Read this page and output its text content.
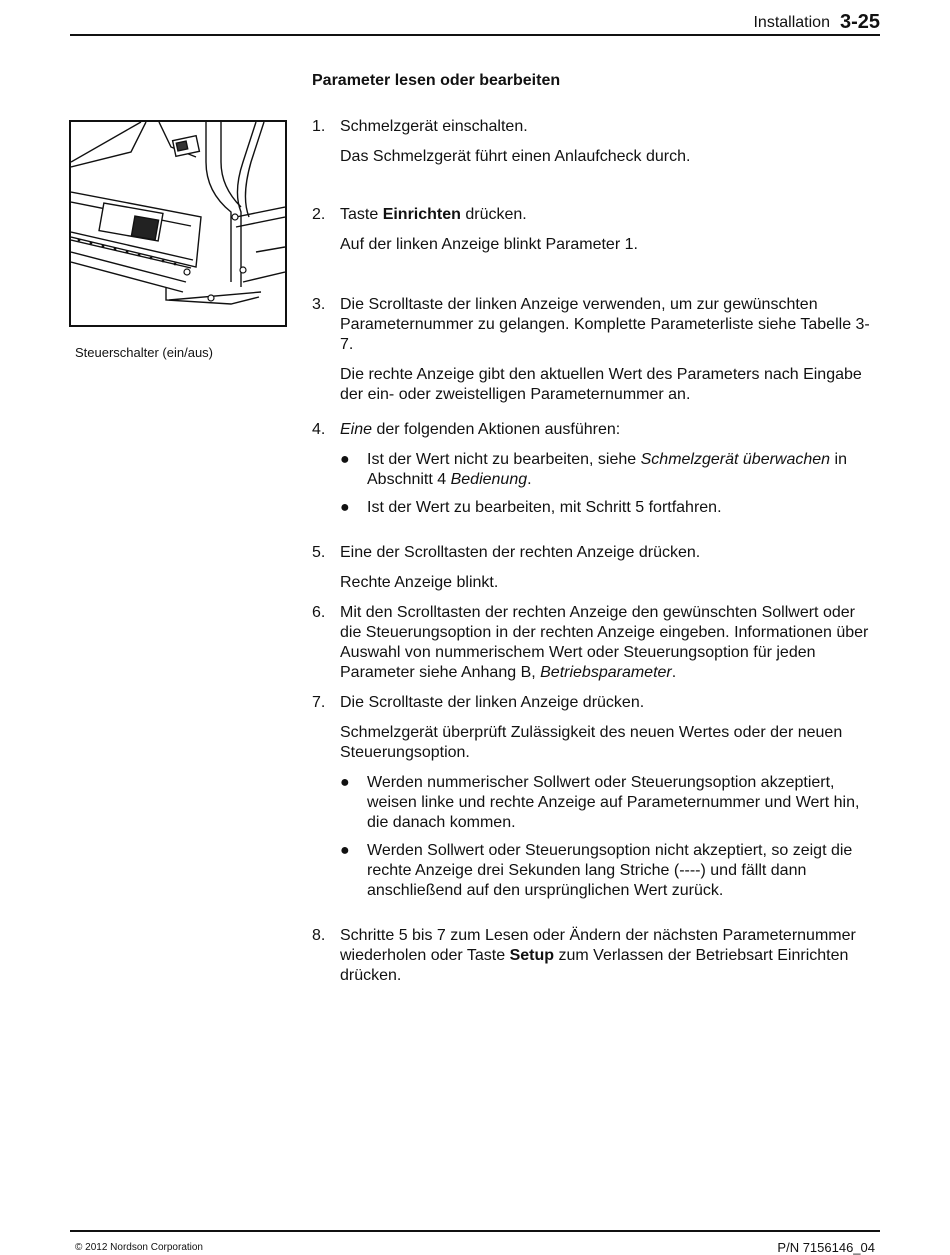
Installation 3-25
Parameter lesen oder bearbeiten
Steuerschalter (ein/aus)
1. Schmelzgerät einschalten.

Das Schmelzgerät führt einen Anlaufcheck durch.

2. Taste Einrichten drücken.

Auf der linken Anzeige blinkt Parameter 1.

3. Die Scrolltaste der linken Anzeige verwenden, um zur gewünschten Parameternummer zu gelangen. Komplette Parameterliste siehe Tabelle 3-7.

Die rechte Anzeige gibt den aktuellen Wert des Parameters nach Eingabe der ein- oder zweistelligen Parameternummer an.

4. Eine der folgenden Aktionen ausführen:

● Ist der Wert nicht zu bearbeiten, siehe Schmelzgerät überwachen in Abschnitt 4 Bedienung.
● Ist der Wert zu bearbeiten, mit Schritt 5 fortfahren.
5. Eine der Scrolltasten der rechten Anzeige drücken.

Rechte Anzeige blinkt.

6. Mit den Scrolltasten der rechten Anzeige den gewünschten Sollwert oder die Steuerungsoption in der rechten Anzeige eingeben. Informationen über Auswahl von nummerischem Wert oder Steuerungsoption für jeden Parameter siehe Anhang B, Betriebsparameter.

7. Die Scrolltaste der linken Anzeige drücken.

Schmelzgerät überprüft Zulässigkeit des neuen Wertes oder der neuen Steuerungsoption.

● Werden nummerischer Sollwert oder Steuerungsoption akzeptiert, weisen linke und rechte Anzeige auf Parameternummer und Wert hin, die danach kommen.
● Werden Sollwert oder Steuerungsoption nicht akzeptiert, so zeigt die rechte Anzeige drei Sekunden lang Striche (----) und fällt dann anschließend auf den ursprünglichen Wert zurück.
8. Schritte 5 bis 7 zum Lesen oder Ändern der nächsten Parameternummer wiederholen oder Taste Setup zum Verlassen der Betriebsart Einrichten drücken.

© 2012 Nordson Corporation	P/N 7156146_04
